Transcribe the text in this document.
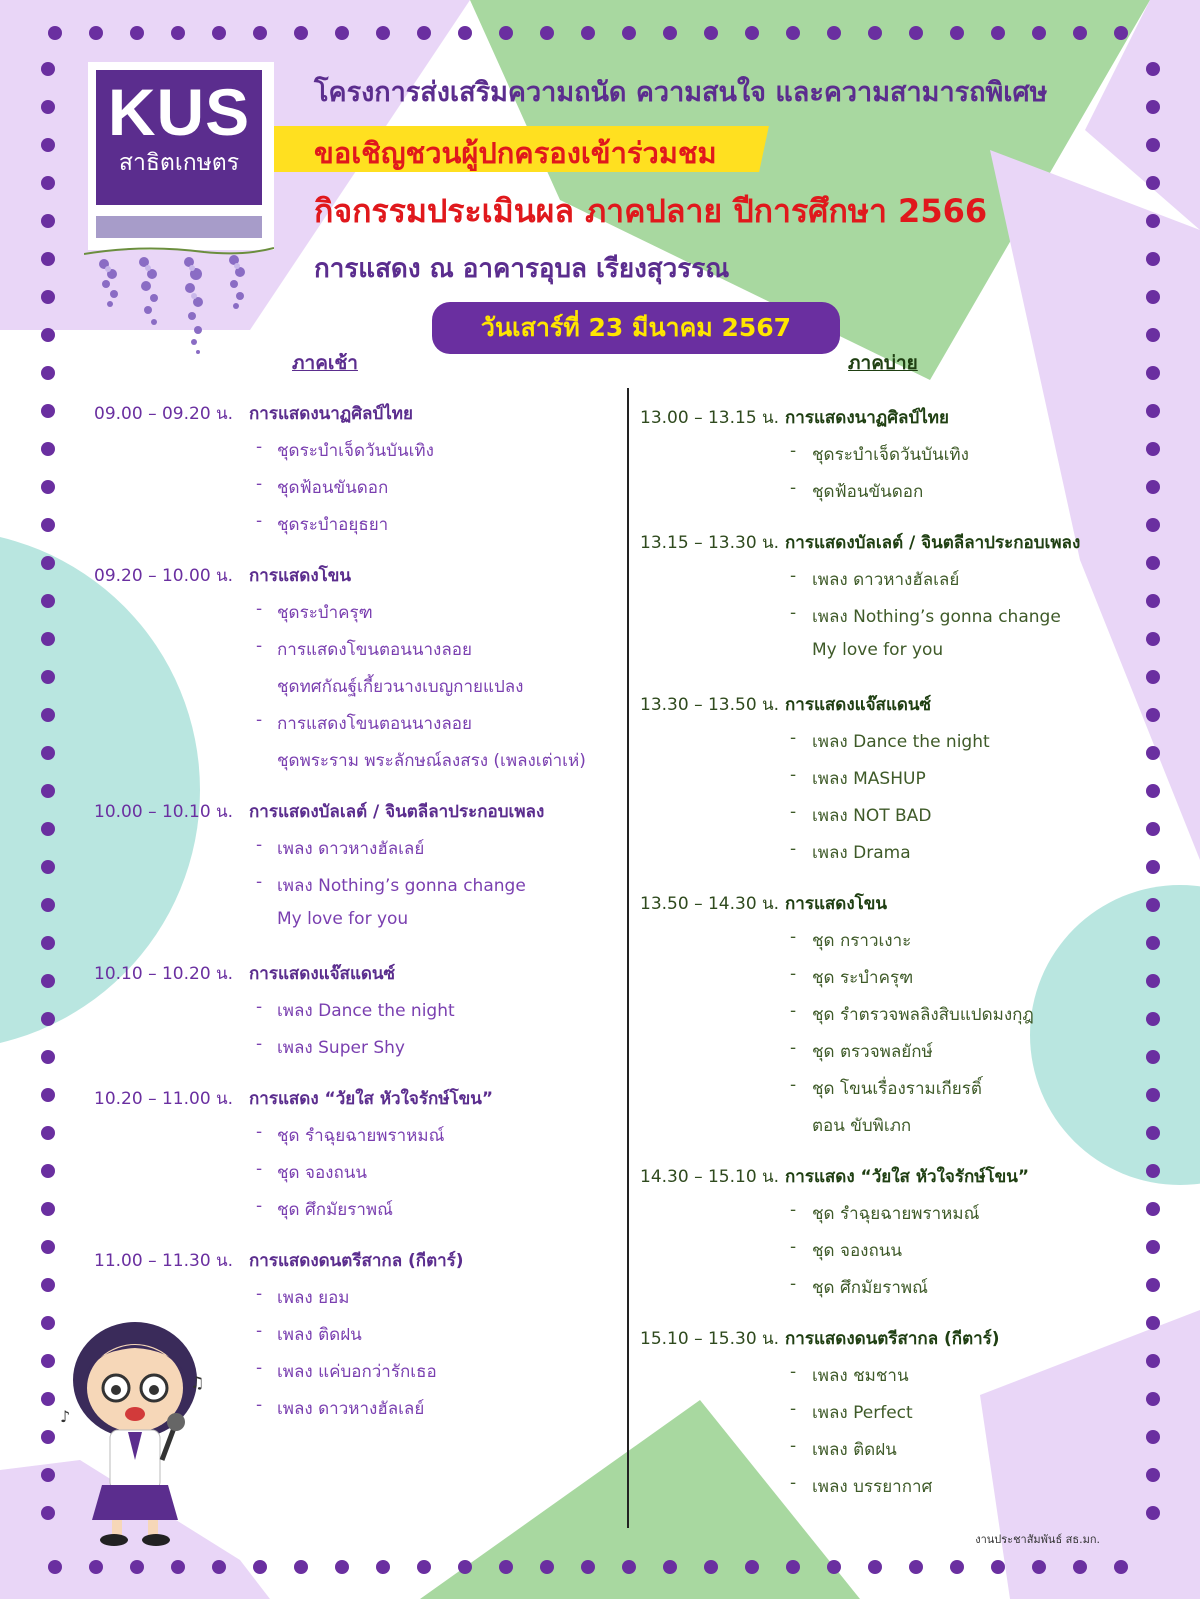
KUS
สาธิตเกษตร
โครงการส่งเสริมความถนัด ความสนใจ และความสามารถพิเศษ
ขอเชิญชวนผู้ปกครองเข้าร่วมชม
กิจกรรมประเมินผล ภาคปลาย ปีการศึกษา 2566
การแสดง ณ อาคารอุบล เรียงสุวรรณ
วันเสาร์ที่ 23 มีนาคม 2567
ภาคเช้า	ภาคบ่าย
09.00 – 09.20 น. การแสดงนาฏศิลป์ไทย
- ชุดระบำเจ็ดวันบันเทิง
- ชุดฟ้อนขันดอก
- ชุดระบำอยุธยา
09.20 – 10.00 น. การแสดงโขน
- ชุดระบำครุฑ
- การแสดงโขนตอนนางลอย
ชุดทศกัณฐ์เกี้ยวนางเบญกายแปลง
- การแสดงโขนตอนนางลอย
ชุดพระราม พระลักษณ์ลงสรง (เพลงเต่าเห่)
10.00 – 10.10 น. การแสดงบัลเลต์ / จินตลีลาประกอบเพลง
- เพลง ดาวหางฮัลเลย์
- เพลง Nothing’s gonna change
My love for you
10.10 – 10.20 น. การแสดงแจ๊สแดนซ์
- เพลง Dance the night
- เพลง Super Shy
10.20 – 11.00 น. การแสดง “วัยใส หัวใจรักษ์โขน”
- ชุด รำฉุยฉายพราหมณ์
- ชุด จองถนน
- ชุด ศึกมัยราพณ์
11.00 – 11.30 น. การแสดงดนตรีสากล (กีตาร์)
- เพลง ยอม
- เพลง ติดฝน
- เพลง แค่บอกว่ารักเธอ
- เพลง ดาวหางฮัลเลย์
13.00 – 13.15 น. การแสดงนาฏศิลป์ไทย
- ชุดระบำเจ็ดวันบันเทิง
- ชุดฟ้อนขันดอก
13.15 – 13.30 น. การแสดงบัลเลต์ / จินตลีลาประกอบเพลง
- เพลง ดาวหางฮัลเลย์
- เพลง Nothing’s gonna change
My love for you
13.30 – 13.50 น. การแสดงแจ๊สแดนซ์
- เพลง Dance the night
- เพลง MASHUP
- เพลง NOT BAD
- เพลง Drama
13.50 – 14.30 น. การแสดงโขน
- ชุด กราวเงาะ
- ชุด ระบำครุฑ
- ชุด รำตรวจพลลิงสิบแปดมงกุฎ
- ชุด ตรวจพลยักษ์
- ชุด โขนเรื่องรามเกียรติ์
ตอน ขับพิเภก
14.30 – 15.10 น. การแสดง “วัยใส หัวใจรักษ์โขน”
- ชุด รำฉุยฉายพราหมณ์
- ชุด จองถนน
- ชุด ศึกมัยราพณ์
15.10 – 15.30 น. การแสดงดนตรีสากล (กีตาร์)
- เพลง ชมชาน
- เพลง Perfect
- เพลง ติดฝน
- เพลง บรรยากาศ
♪
♫
งานประชาสัมพันธ์ สธ.มก.
